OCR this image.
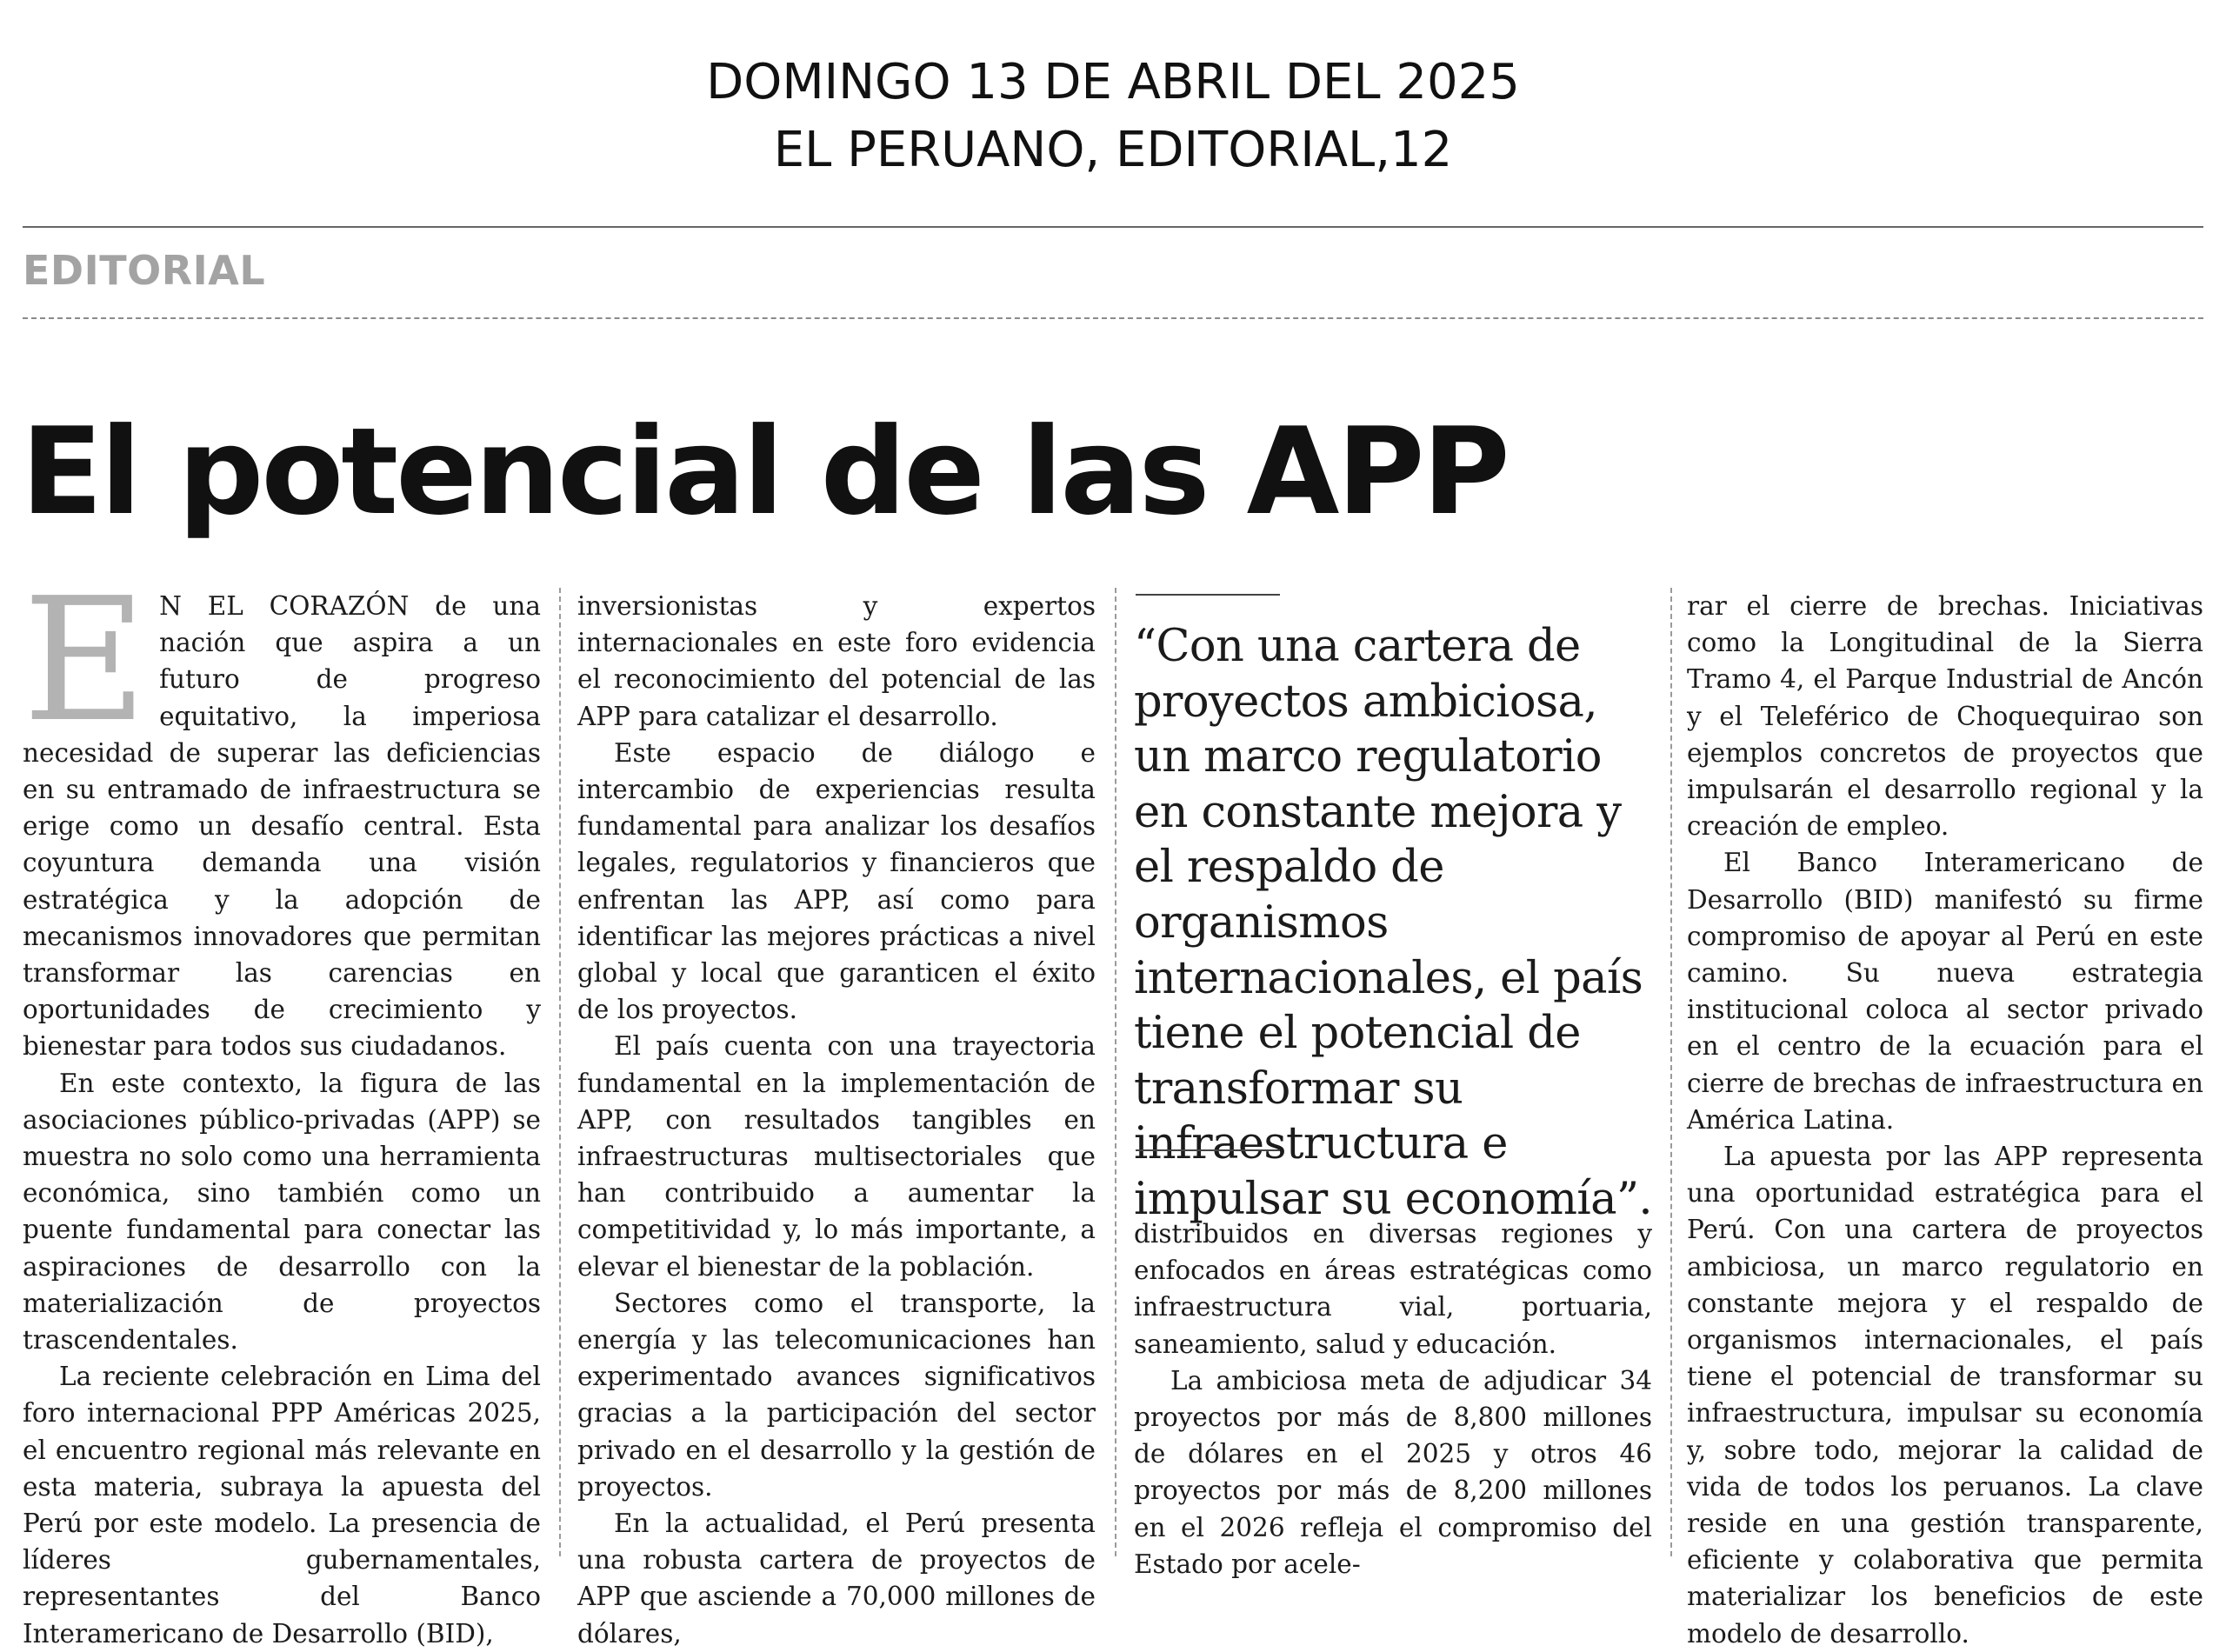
DOMINGO 13 DE ABRIL DEL 2025
EL PERUANO, EDITORIAL,12
EDITORIAL
El potencial de las APP

E N EL CORAZÓN de una nación que aspira a un futuro de progreso equitativo, la imperiosa necesidad de superar las deficiencias en su entramado de infraestructura se erige como un desafío central. Esta coyuntura demanda una visión estratégica y la adopción de mecanismos innovadores que permitan transformar las carencias en oportunidades de crecimiento y bienestar para todos sus ciudadanos.

En este contexto, la figura de las asociaciones público-privadas (APP) se muestra no solo como una herramienta económica, sino también como un puente fundamental para conectar las aspiraciones de desarrollo con la materialización de proyectos trascendentales.

La reciente celebración en Lima del foro internacional PPP Américas 2025, el encuentro regional más relevante en esta materia, subraya la apuesta del Perú por este modelo. La presencia de líderes gubernamentales, representantes del Banco Interamericano de Desarrollo (BID),

inversionistas y expertos internacionales en este foro evidencia el reconocimiento del potencial de las APP para catalizar el desarrollo.

Este espacio de diálogo e intercambio de experiencias resulta fundamental para analizar los desafíos legales, regulatorios y financieros que enfrentan las APP, así como para identificar las mejores prácticas a nivel global y local que garanticen el éxito de los proyectos.

El país cuenta con una trayectoria fundamental en la implementación de APP, con resultados tangibles en infraestructuras multisectoriales que han contribuido a aumentar la competitividad y, lo más importante, a elevar el bienestar de la población.

Sectores como el transporte, la energía y las telecomunicaciones han experimentado avances significativos gracias a la participación del sector privado en el desarrollo y la gestión de proyectos.

En la actualidad, el Perú presenta una robusta cartera de proyectos de APP que asciende a 70,000 millones de dólares,

“Con una cartera de proyectos ambiciosa, un marco regulatorio en constante mejora y el respaldo de organismos internacionales, el país tiene el potencial de transformar su infraestructura e impulsar su economía”.

distribuidos en diversas regiones y enfocados en áreas estratégicas como infraestructura vial, portuaria, saneamiento, salud y educación.

La ambiciosa meta de adjudicar 34 proyectos por más de 8,800 millones de dólares en el 2025 y otros 46 proyectos por más de 8,200 millones en el 2026 refleja el compromiso del Estado por acele-

rar el cierre de brechas. Iniciativas como la Longitudinal de la Sierra Tramo 4, el Parque Industrial de Ancón y el Teleférico de Choquequirao son ejemplos concretos de proyectos que impulsarán el desarrollo regional y la creación de empleo.

El Banco Interamericano de Desarrollo (BID) manifestó su firme compromiso de apoyar al Perú en este camino. Su nueva estrategia institucional coloca al sector privado en el centro de la ecuación para el cierre de brechas de infraestructura en América Latina.

La apuesta por las APP representa una oportunidad estratégica para el Perú. Con una cartera de proyectos ambiciosa, un marco regulatorio en constante mejora y el respaldo de organismos internacionales, el país tiene el potencial de transformar su infraestructura, impulsar su economía y, sobre todo, mejorar la calidad de vida de todos los peruanos. La clave reside en una gestión transparente, eficiente y colaborativa que permita materializar los beneficios de este modelo de desarrollo.
